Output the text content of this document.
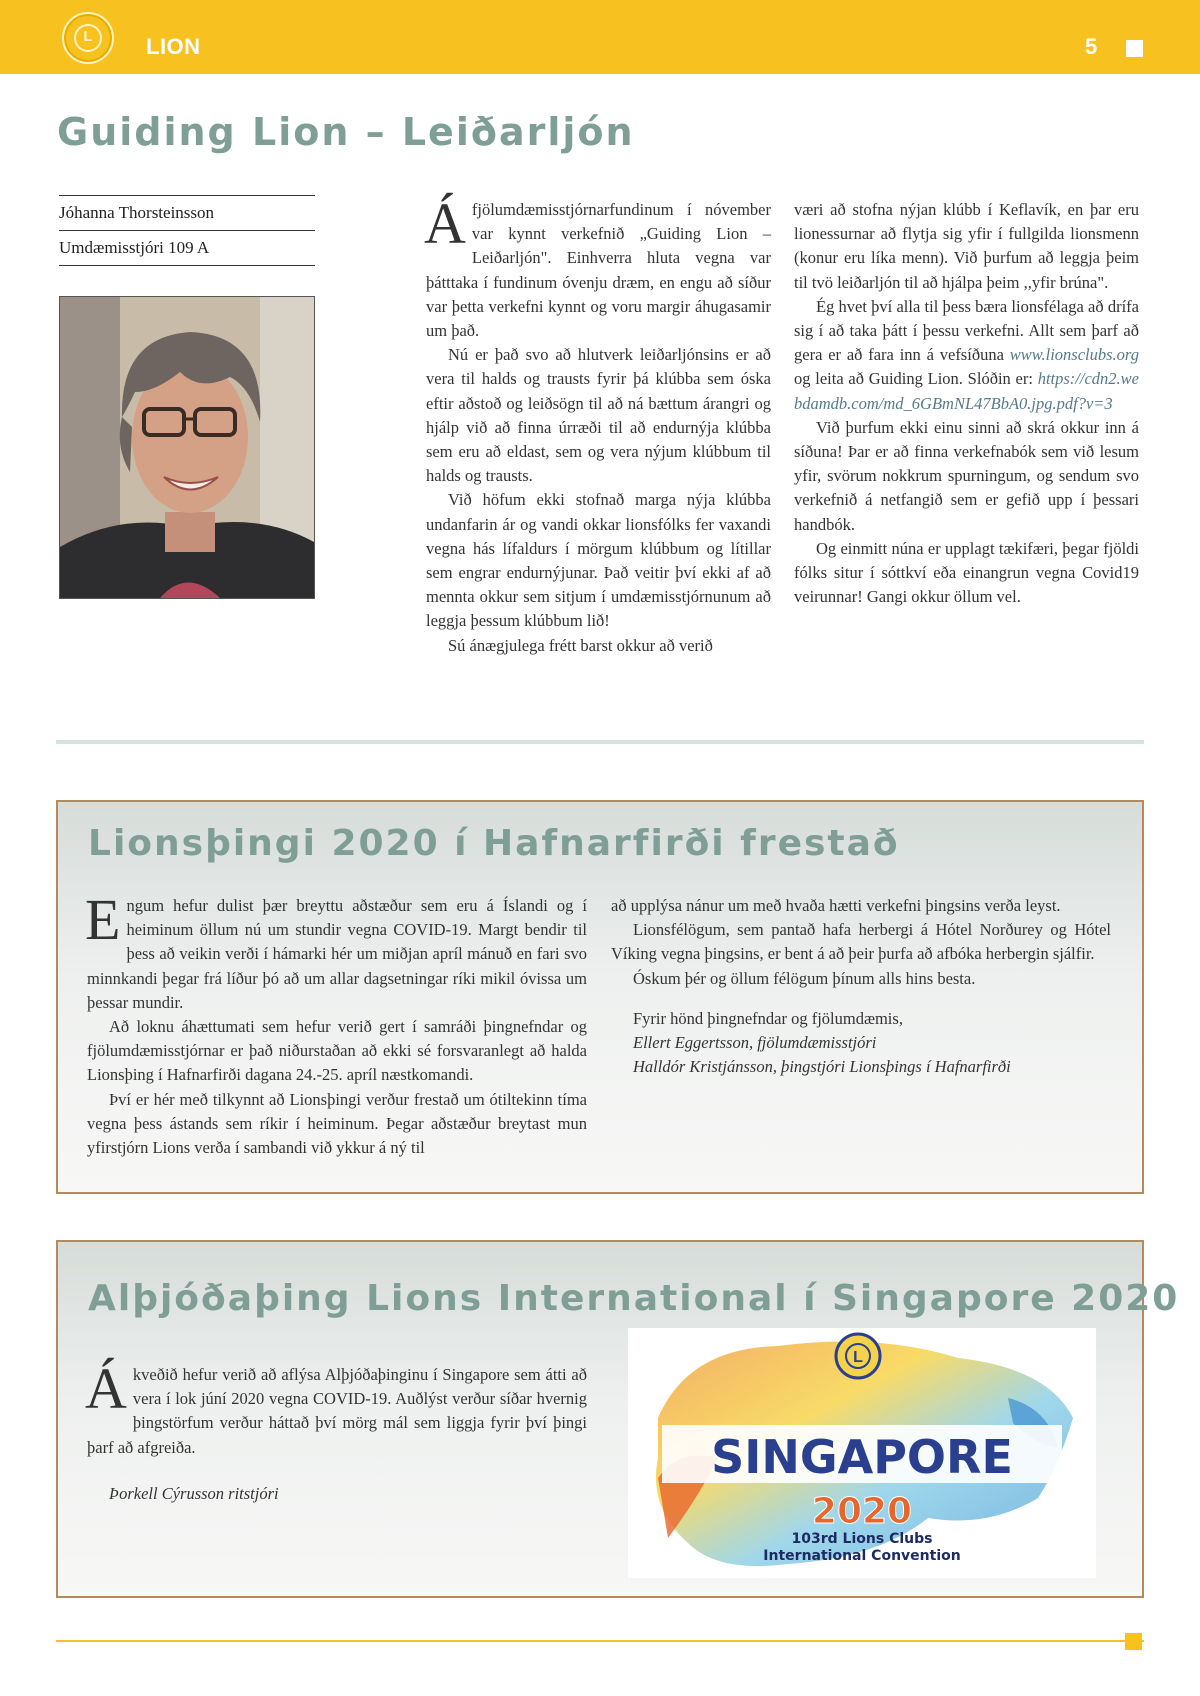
L	LION	5
Guiding Lion – Leiðarljón
Jóhanna Thorsteinsson
Umdæmisstjóri 109 A	Áfjölumdæmisstjórnarfundinum í nóvember var kynnt verkefnið „Guiding Lion – Leiðarljón". Einhverra hluta vegna var þátttaka í fundinum óvenju dræm, en engu að síður var þetta verkefni kynnt og voru margir áhugasamir um það.

Nú er það svo að hlutverk leiðarljónsins er að vera til halds og trausts fyrir þá klúbba sem óska eftir aðstoð og leiðsögn til að ná bættum árangri og hjálp við að finna úrræði til að endurnýja klúbba sem eru að eldast, sem og vera nýjum klúbbum til halds og trausts.

Við höfum ekki stofnað marga nýja klúbba undanfarin ár og vandi okkar lionsfólks fer vaxandi vegna hás lífaldurs í mörgum klúbbum og lítillar sem engrar endurnýjunar. Það veitir því ekki af að mennta okkur sem sitjum í umdæmisstjórnunum að leggja þessum klúbbum lið!

Sú ánægjulega frétt barst okkur að verið

væri að stofna nýjan klúbb í Keflavík, en þar eru lionessurnar að flytja sig yfir í fullgilda lionsmenn (konur eru líka menn). Við þurfum að leggja þeim til tvö leiðarljón til að hjálpa þeim ,,yfir brúna".

Ég hvet því alla til þess bæra lionsfélaga að drífa sig í að taka þátt í þessu verkefni. Allt sem þarf að gera er að fara inn á vefsíðuna www.lionsclubs.org og leita að Guiding Lion. Slóðin er: https://cdn2.webdamdb.com/md_6GBmNL47BbA0.jpg.pdf?v=3

Við þurfum ekki einu sinni að skrá okkur inn á síðuna! Þar er að finna verkefnabók sem við lesum yfir, svörum nokkrum spurningum, og sendum svo verkefnið á netfangið sem er gefið upp í þessari handbók.

Og einmitt núna er upplagt tækifæri, þegar fjöldi fólks situr í sóttkví eða einangrun vegna Covid19 veirunnar! Gangi okkur öllum vel.

Lionsþingi 2020 í Hafnarfirði frestað

Engum hefur dulist þær breyttu aðstæður sem eru á Íslandi og í heiminum öllum nú um stundir vegna COVID-19. Margt bendir til þess að veikin verði í hámarki hér um miðjan apríl mánuð en fari svo minnkandi þegar frá líður þó að um allar dagsetningar ríki mikil óvissa um þessar mundir.

Að loknu áhættumati sem hefur verið gert í samráði þingnefndar og fjölumdæmisstjórnar er það niðurstaðan að ekki sé forsvaranlegt að halda Lionsþing í Hafnarfirði dagana 24.-25. apríl næstkomandi.

Því er hér með tilkynnt að Lionsþingi verður frestað um ótiltekinn tíma vegna þess ástands sem ríkir í heiminum. Þegar aðstæður breytast mun yfirstjórn Lions verða í sambandi við ykkur á ný til

að upplýsa nánur um með hvaða hætti verkefni þingsins verða leyst.

Lionsfélögum, sem pantað hafa herbergi á Hótel Norðurey og Hótel Víking vegna þingsins, er bent á að þeir þurfa að afbóka herbergin sjálfir.

Óskum þér og öllum félögum þínum alls hins besta.

Fyrir hönd þingnefndar og fjölumdæmis,

Ellert Eggertsson, fjölumdæmisstjóri

Halldór Kristjánsson, þingstjóri Lionsþings í Hafnarfirði

Alþjóðaþing Lions International í Singapore 2020

Ákveðið hefur verið að aflýsa Alþjóðaþinginu í Singapore sem átti að vera í lok júní 2020 vegna COVID-19. Auðlýst verður síðar hvernig þingstörfum verður háttað því mörg mál sem liggja fyrir því þingi þarf að afgreiða.

Þorkell Cýrusson ritstjóri

L
SINGAPORE
2020
103rd Lions Clubs
International Convention
